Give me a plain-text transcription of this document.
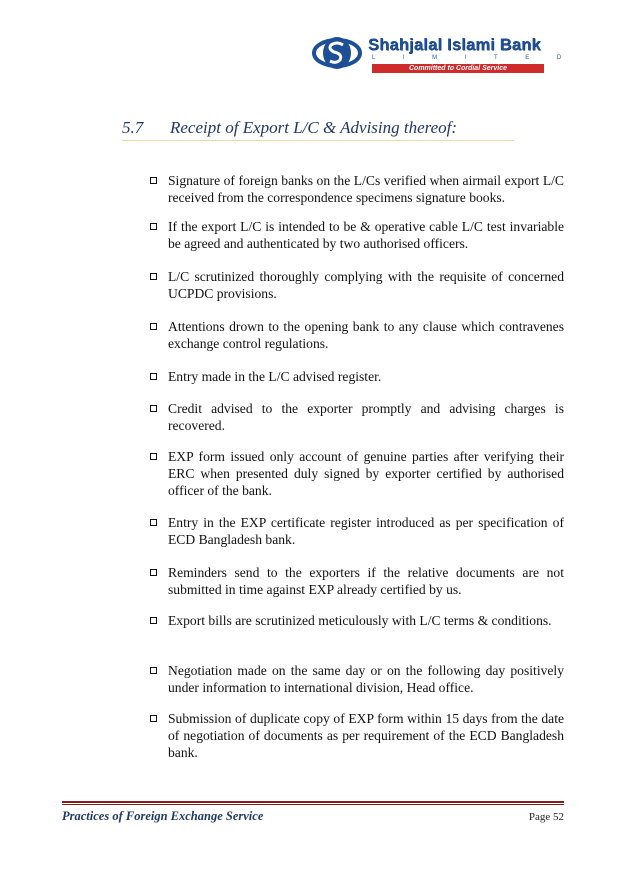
Shahjalal Islami Bank
L I M I T E D
Committed to Cordial Service
5.7 Receipt of Export L/C & Advising thereof:
Signature of foreign banks on the L/Cs verified when airmail export L/C received from the correspondence specimens signature books.
If the export L/C is intended to be & operative cable L/C test invariable be agreed and authenticated by two authorised officers.
L/C scrutinized thoroughly complying with the requisite of concerned UCPDC provisions.
Attentions drown to the opening bank to any clause which contravenes exchange control regulations.
Entry made in the L/C advised register.
Credit advised to the exporter promptly and advising charges is recovered.
EXP form issued only account of genuine parties after verifying their ERC when presented duly signed by exporter certified by authorised officer of the bank.
Entry in the EXP certificate register introduced as per specification of ECD Bangladesh bank.
Reminders send to the exporters if the relative documents are not submitted in time against EXP already certified by us.
Export bills are scrutinized meticulously with L/C terms & conditions.
Negotiation made on the same day or on the following day positively under information to international division, Head office.
Submission of duplicate copy of EXP form within 15 days from the date of negotiation of documents as per requirement of the ECD Bangladesh bank.
Practices of Foreign Exchange Service	Page 52
